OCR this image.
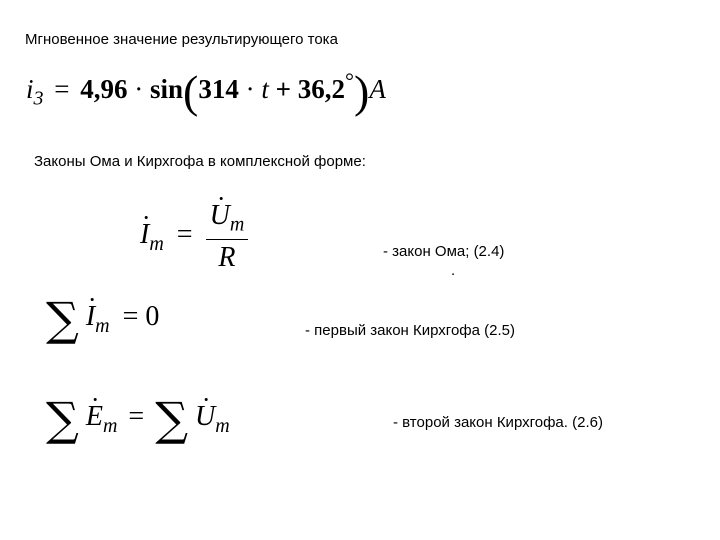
Мгновенное значение результирующего тока
$i_3 = 4,96 \cdot \sin(314 \cdot t + 36,2^\circ)A$
Законы Ома и Кирхгофа в комплексной форме:
$I_m = \frac{U_m}{R}$	- закон Ома; (2.4)
.
∑ $I_m = 0$	- первый закон Кирхгофа (2.5)
∑ $E_m$ = ∑ $U_m$	- второй закон Кирхгофа. (2.6)
